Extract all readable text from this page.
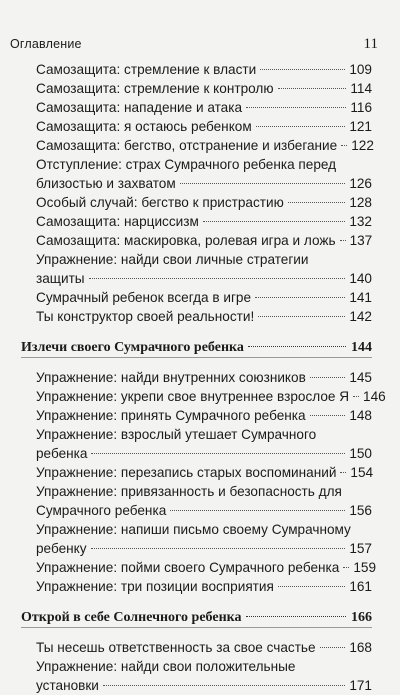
Оглавление	11
Самозащита: стремление к власти	109
Самозащита: стремление к контролю	114
Самозащита: нападение и атака	116
Самозащита: я остаюсь ребенком	121
Самозащита: бегство, отстранение и избегание 122
Отступление: страх Сумрачного ребенка перед
близостью и захватом	126
Особый случай: бегство к пристрастию	128
Самозащита: нарциссизм	132
Самозащита: маскировка, ролевая игра и ложь 137
Упражнение: найди свои личные стратегии
защиты	140
Сумрачный ребенок всегда в игре	141
Ты конструктор своей реальности!	142
Излечи своего Сумрачного ребенка	144
Упражнение: найди внутренних союзников	145
Упражнение: укрепи свое внутреннее взрослое Я 146
Упражнение: принять Сумрачного ребенка	148
Упражнение: взрослый утешает Сумрачного
ребенка	150
Упражнение: перезапись старых воспоминаний 154
Упражнение: привязанность и безопасность для
Сумрачного ребенка	156
Упражнение: напиши письмо своему Сумрачному
ребенку	157
Упражнение: пойми своего Сумрачного ребенка 159
Упражнение: три позиции восприятия	161
Открой в себе Солнечного ребенка	166
Ты несешь ответственность за свое счастье 168
Упражнение: найди свои положительные
установки	171
